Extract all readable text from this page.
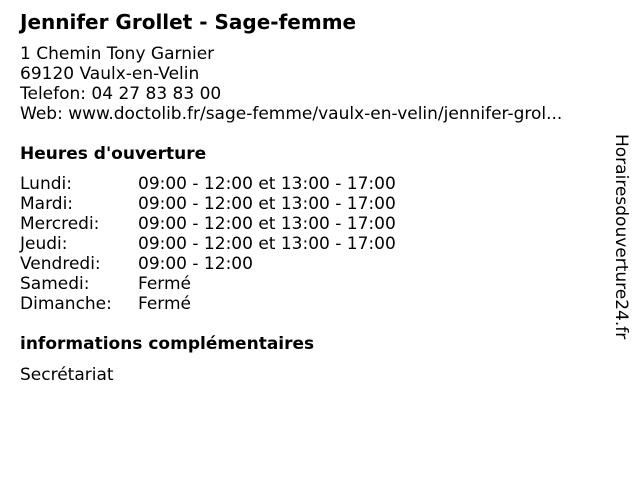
Jennifer Grollet - Sage-femme
1 Chemin Tony Garnier
69120 Vaulx-en-Velin
Telefon: 04 27 83 83 00
Web: www.doctolib.fr/sage-femme/vaulx-en-velin/jennifer-grol...
Heures d'ouverture
Lundi:	09:00 - 12:00 et 13:00 - 17:00
Mardi:	09:00 - 12:00 et 13:00 - 17:00
Mercredi:	09:00 - 12:00 et 13:00 - 17:00
Jeudi:	09:00 - 12:00 et 13:00 - 17:00
Vendredi:	09:00 - 12:00
Samedi:	Fermé
Dimanche:	Fermé
informations complémentaires
Secrétariat
Horairesdouverture24.fr
